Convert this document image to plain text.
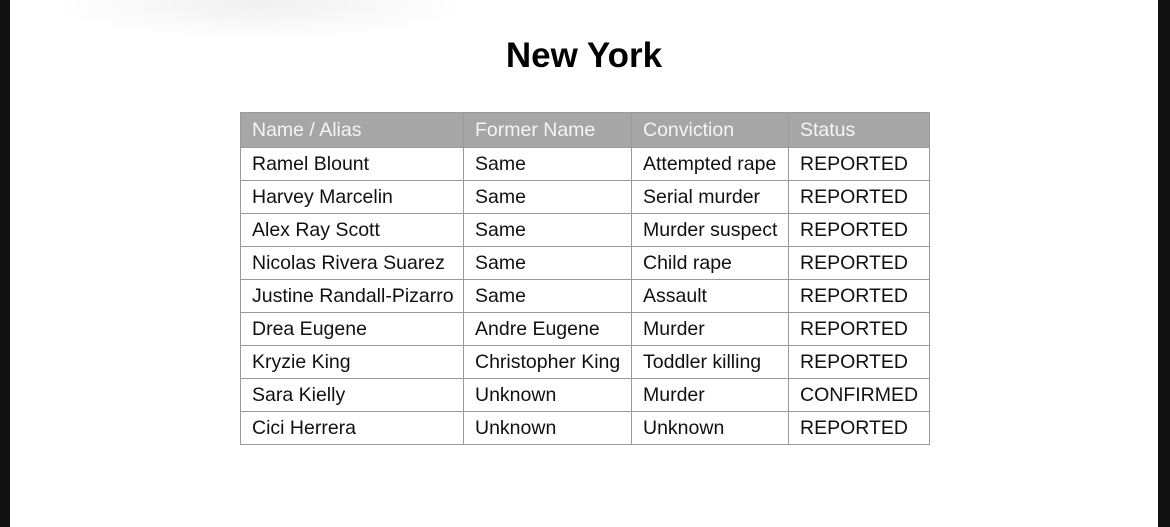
New York
Name / Alias	Former Name	Conviction	Status
Ramel Blount	Same	Attempted rape	REPORTED
Harvey Marcelin	Same	Serial murder	REPORTED
Alex Ray Scott	Same	Murder suspect	REPORTED
Nicolas Rivera Suarez	Same	Child rape	REPORTED
Justine Randall-Pizarro	Same	Assault	REPORTED
Drea Eugene	Andre Eugene	Murder	REPORTED
Kryzie King	Christopher King	Toddler killing	REPORTED
Sara Kielly	Unknown	Murder	CONFIRMED
Cici Herrera	Unknown	Unknown	REPORTED
